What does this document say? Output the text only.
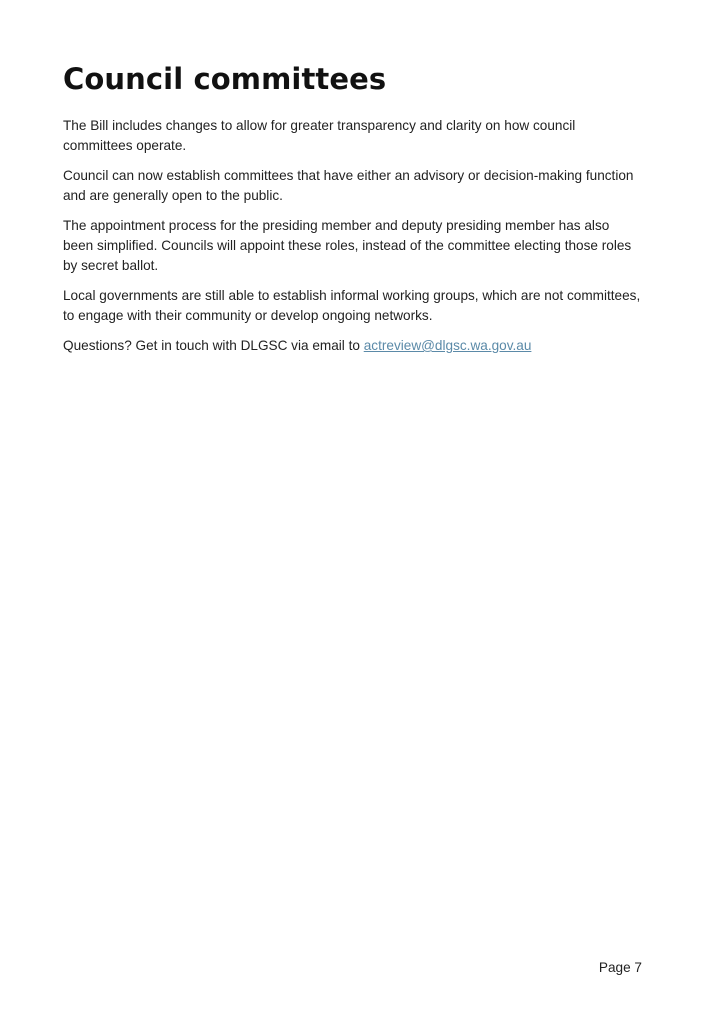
Council committees

The Bill includes changes to allow for greater transparency and clarity on how council committees operate.

Council can now establish committees that have either an advisory or decision-making function and are generally open to the public.

The appointment process for the presiding member and deputy presiding member has also been simplified. Councils will appoint these roles, instead of the committee electing those roles by secret ballot.

Local governments are still able to establish informal working groups, which are not committees, to engage with their community or develop ongoing networks.

Questions? Get in touch with DLGSC via email to actreview@dlgsc.wa.gov.au

Page 7
